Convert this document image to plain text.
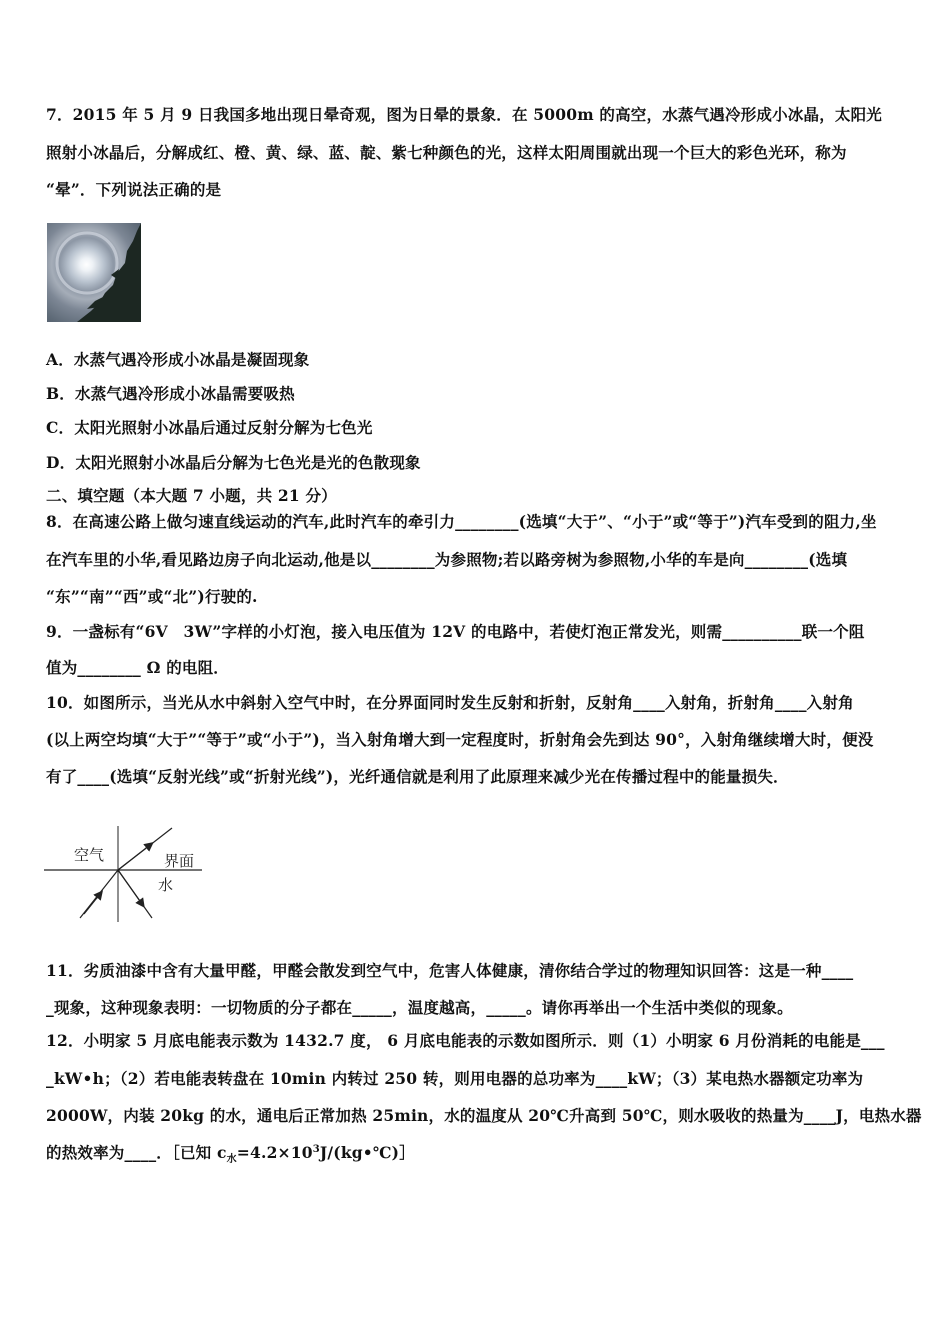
7．2015 年 5 月 9 日我国多地出现日晕奇观，图为日晕的景象．在 5000m 的高空，水蒸气遇冷形成小冰晶，太阳光
照射小冰晶后，分解成红、橙、黄、绿、蓝、靛、紫七种颜色的光，这样太阳周围就出现一个巨大的彩色光环，称为
“晕”．下列说法正确的是
A．水蒸气遇冷形成小冰晶是凝固现象
B．水蒸气遇冷形成小冰晶需要吸热
C．太阳光照射小冰晶后通过反射分解为七色光
D．太阳光照射小冰晶后分解为七色光是光的色散现象
二、填空题（本大题 7 小题，共 21 分）
8．在高速公路上做匀速直线运动的汽车,此时汽车的牵引力________(选填“大于”、“小于”或“等于”)汽车受到的阻力,坐
在汽车里的小华,看见路边房子向北运动,他是以________为参照物;若以路旁树为参照物,小华的车是向________(选填
“东”“南”“西”或“北”)行驶的.
9．一盏标有“6V　3W”字样的小灯泡，接入电压值为 12V 的电路中，若使灯泡正常发光，则需__________联一个阻
值为________ Ω 的电阻．
10．如图所示，当光从水中斜射入空气中时，在分界面同时发生反射和折射，反射角____入射角，折射角____入射角
(以上两空均填“大于”“等于”或“小于”)，当入射角增大到一定程度时，折射角会先到达 90°，入射角继续增大时，便没
有了____(选填“反射光线”或“折射光线”)，光纤通信就是利用了此原理来减少光在传播过程中的能量损失．
空气	界面
水
11．劣质油漆中含有大量甲醛，甲醛会散发到空气中，危害人体健康，清你结合学过的物理知识回答：这是一种____
_现象，这种现象表明：一切物质的分子都在_____，温度越高，_____。请你再举出一个生活中类似的现象。
12．小明家 5 月底电能表示数为 1432.7 度， 6 月底电能表的示数如图所示．则（1）小明家 6 月份消耗的电能是___
_kW•h；（2）若电能表转盘在 10min 内转过 250 转，则用电器的总功率为____kW；（3）某电热水器额定功率为
2000W，内装 20kg 的水，通电后正常加热 25min，水的温度从 20℃升高到 50℃，则水吸收的热量为____J，电热水器
的热效率为____．［已知 $c_水=4.2\times 10^3J/(kg•℃)]$
